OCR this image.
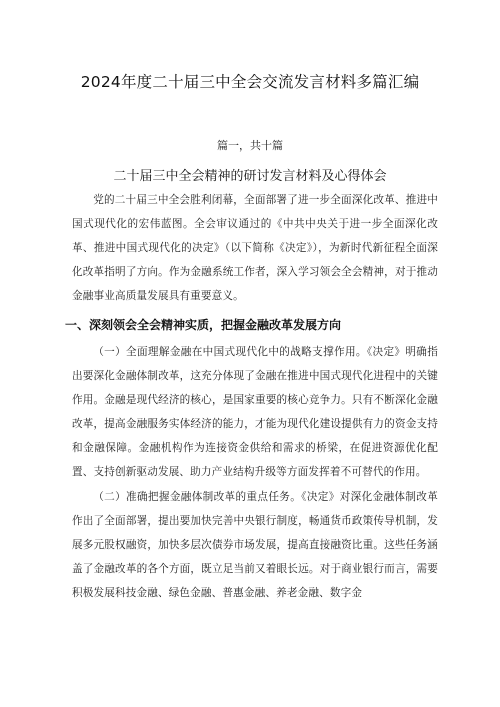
2024年度二十届三中全会交流发言材料多篇汇编
篇一，共十篇
二十届三中全会精神的研讨发言材料及心得体会

党的二十届三中全会胜利闭幕，全面部署了进一步全面深化改革、推进中国式现代化的宏伟蓝图。全会审议通过的《中共中央关于进一步全面深化改革、推进中国式现代化的决定》（以下简称《决定》），为新时代新征程全面深化改革指明了方向。作为金融系统工作者，深入学习领会全会精神，对于推动金融事业高质量发展具有重要意义。

一、深刻领会全会精神实质，把握金融改革发展方向

（一）全面理解金融在中国式现代化中的战略支撑作用。《决定》明确指出要深化金融体制改革，这充分体现了金融在推进中国式现代化进程中的关键作用。金融是现代经济的核心，是国家重要的核心竞争力。只有不断深化金融改革，提高金融服务实体经济的能力，才能为现代化建设提供有力的资金支持和金融保障。金融机构作为连接资金供给和需求的桥梁，在促进资源优化配置、支持创新驱动发展、助力产业结构升级等方面发挥着不可替代的作用。

（二）准确把握金融体制改革的重点任务。《决定》对深化金融体制改革作出了全面部署，提出要加快完善中央银行制度，畅通货币政策传导机制，发展多元股权融资，加快多层次债券市场发展，提高直接融资比重。这些任务涵盖了金融改革的各个方面，既立足当前又着眼长远。对于商业银行而言，需要积极发展科技金融、绿色金融、普惠金融、养老金融、数字金
